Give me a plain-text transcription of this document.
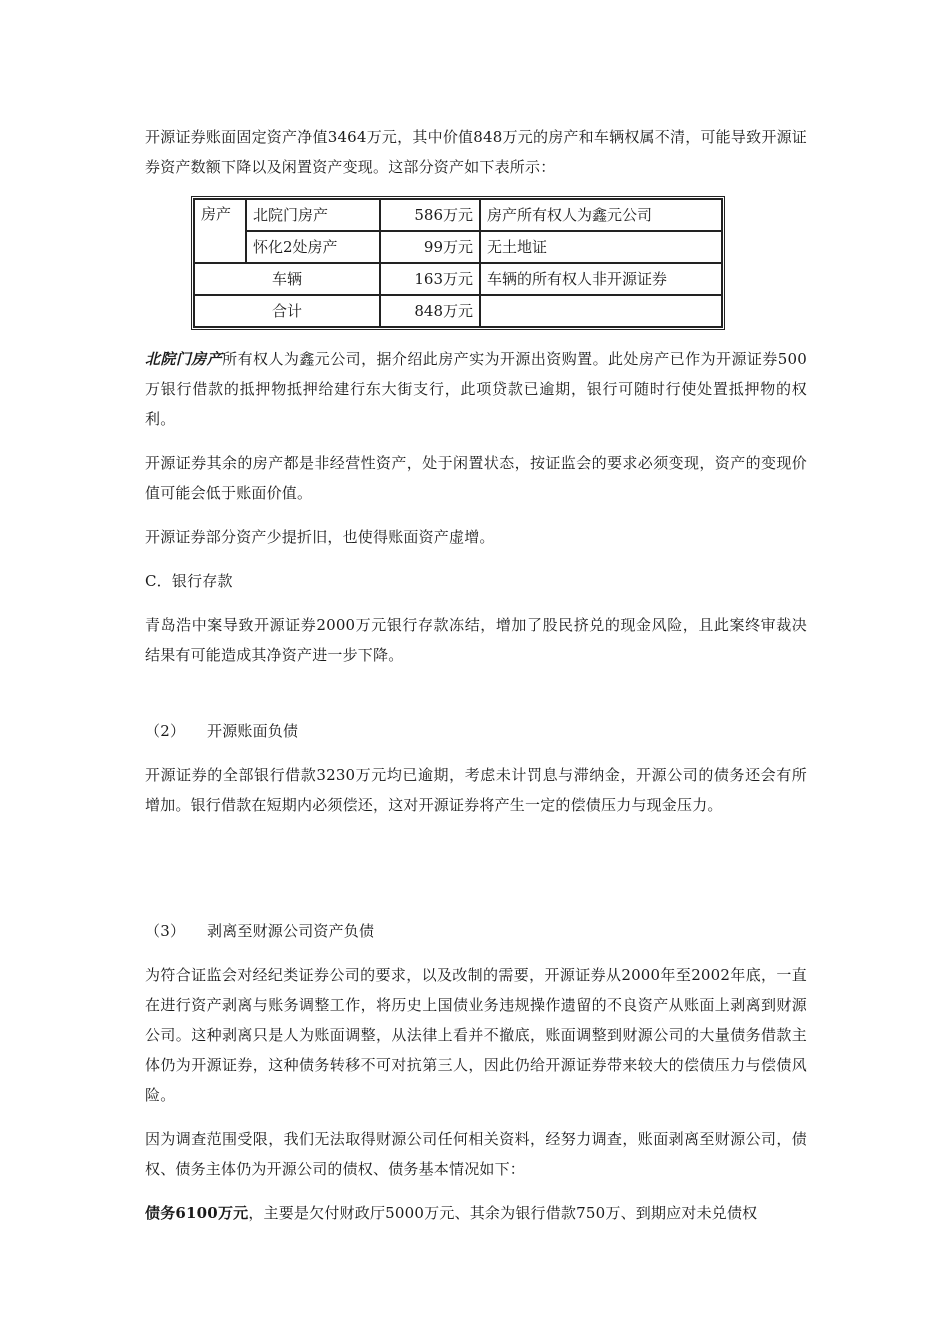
开源证券账面固定资产净值3464万元，其中价值848万元的房产和车辆权属不清，可能导致开源证券资产数额下降以及闲置资产变现。这部分资产如下表所示：

房产	北院门房产	586万元	房产所有权人为鑫元公司
	怀化2处房产	99万元	无土地证
车辆		163万元	车辆的所有权人非开源证券
合计		848万元	

北院门房产所有权人为鑫元公司，据介绍此房产实为开源出资购置。此处房产已作为开源证券500万银行借款的抵押物抵押给建行东大街支行，此项贷款已逾期，银行可随时行使处置抵押物的权利。

开源证券其余的房产都是非经营性资产，处于闲置状态，按证监会的要求必须变现，资产的变现价值可能会低于账面价值。

开源证券部分资产少提折旧，也使得账面资产虚增。

C．银行存款

青岛浩中案导致开源证券2000万元银行存款冻结，增加了股民挤兑的现金风险，且此案终审裁决结果有可能造成其净资产进一步下降。

（2） 开源账面负债

开源证券的全部银行借款3230万元均已逾期，考虑未计罚息与滞纳金，开源公司的债务还会有所增加。银行借款在短期内必须偿还，这对开源证券将产生一定的偿债压力与现金压力。

（3） 剥离至财源公司资产负债

为符合证监会对经纪类证券公司的要求，以及改制的需要，开源证券从2000年至2002年底，一直在进行资产剥离与账务调整工作，将历史上国债业务违规操作遗留的不良资产从账面上剥离到财源公司。这种剥离只是人为账面调整，从法律上看并不撤底，账面调整到财源公司的大量债务借款主体仍为开源证券，这种债务转移不可对抗第三人，因此仍给开源证券带来较大的偿债压力与偿债风险。

因为调查范围受限，我们无法取得财源公司任何相关资料，经努力调查，账面剥离至财源公司，债权、债务主体仍为开源公司的债权、债务基本情况如下：

债务6100万元，主要是欠付财政厅5000万元、其余为银行借款750万、到期应对未兑债权
